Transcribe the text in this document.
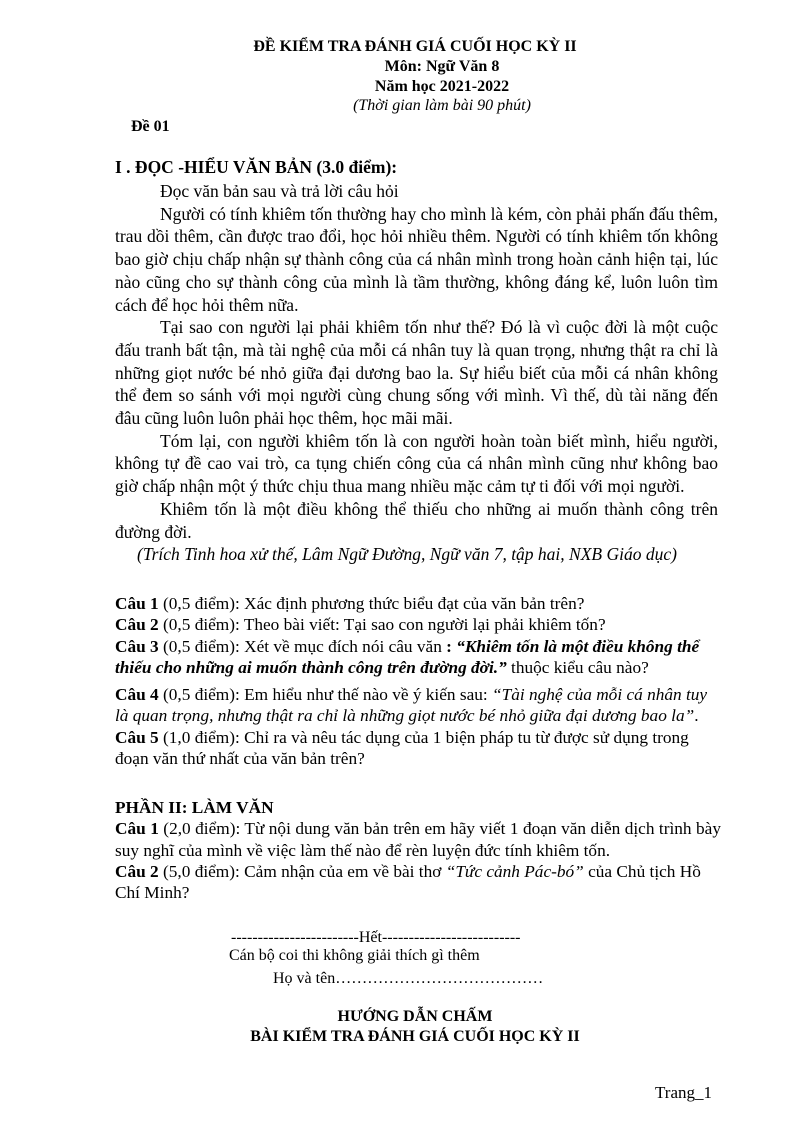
ĐỀ KIỂM TRA ĐÁNH GIÁ CUỐI HỌC KỲ II
Môn: Ngữ Văn 8
Năm học 2021-2022
(Thời gian làm bài 90 phút)
Đề 01
I . ĐỌC -HIỂU VĂN BẢN (3.0 điểm):

Đọc văn bản sau và trả lời câu hỏi

Người có tính khiêm tốn thường hay cho mình là kém, còn phải phấn đấu thêm, trau dồi thêm, cần được trao đổi, học hỏi nhiều thêm. Người có tính khiêm tốn không bao giờ chịu chấp nhận sự thành công của cá nhân mình trong hoàn cảnh hiện tại, lúc nào cũng cho sự thành công của mình là tầm thường, không đáng kể, luôn luôn tìm cách để học hỏi thêm nữa.

Tại sao con người lại phải khiêm tốn như thế? Đó là vì cuộc đời là một cuộc đấu tranh bất tận, mà tài nghệ của mỗi cá nhân tuy là quan trọng, nhưng thật ra chỉ là những giọt nước bé nhỏ giữa đại dương bao la. Sự hiểu biết của mỗi cá nhân không thể đem so sánh với mọi người cùng chung sống với mình. Vì thế, dù tài năng đến đâu cũng luôn luôn phải học thêm, học mãi mãi.

Tóm lại, con người khiêm tốn là con người hoàn toàn biết mình, hiểu người, không tự đề cao vai trò, ca tụng chiến công của cá nhân mình cũng như không bao giờ chấp nhận một ý thức chịu thua mang nhiều mặc cảm tự ti đối với mọi người.

Khiêm tốn là một điều không thể thiếu cho những ai muốn thành công trên đường đời.

(Trích Tinh hoa xử thế, Lâm Ngữ Đường, Ngữ văn 7, tập hai, NXB Giáo dục)

Câu 1 (0,5 điểm): Xác định phương thức biểu đạt của văn bản trên?

Câu 2 (0,5 điểm): Theo bài viết: Tại sao con người lại phải khiêm tốn?

Câu 3 (0,5 điểm): Xét về mục đích nói câu văn : “Khiêm tốn là một điều không thể thiếu cho những ai muốn thành công trên đường đời.” thuộc kiểu câu nào?

Câu 4 (0,5 điểm): Em hiểu như thế nào về ý kiến sau: “Tài nghệ của mỗi cá nhân tuy là quan trọng, nhưng thật ra chỉ là những giọt nước bé nhỏ giữa đại dương bao la”.

Câu 5 (1,0 điểm): Chỉ ra và nêu tác dụng của 1 biện pháp tu từ được sử dụng trong đoạn văn thứ nhất của văn bản trên?

PHẦN II: LÀM VĂN

Câu 1 (2,0 điểm): Từ nội dung văn bản trên em hãy viết 1 đoạn văn diễn dịch trình bày suy nghĩ của mình về việc làm thế nào để rèn luyện đức tính khiêm tốn.

Câu 2 (5,0 điểm): Cảm nhận của em về bài thơ “Tức cảnh Pác-bó” của Chủ tịch Hồ Chí Minh?

------------------------Hết--------------------------
Cán bộ coi thi không giải thích gì thêm
Họ và tên…………………………………
HƯỚNG DẪN CHẤM
BÀI KIỂM TRA ĐÁNH GIÁ CUỐI HỌC KỲ II
Trang_1
